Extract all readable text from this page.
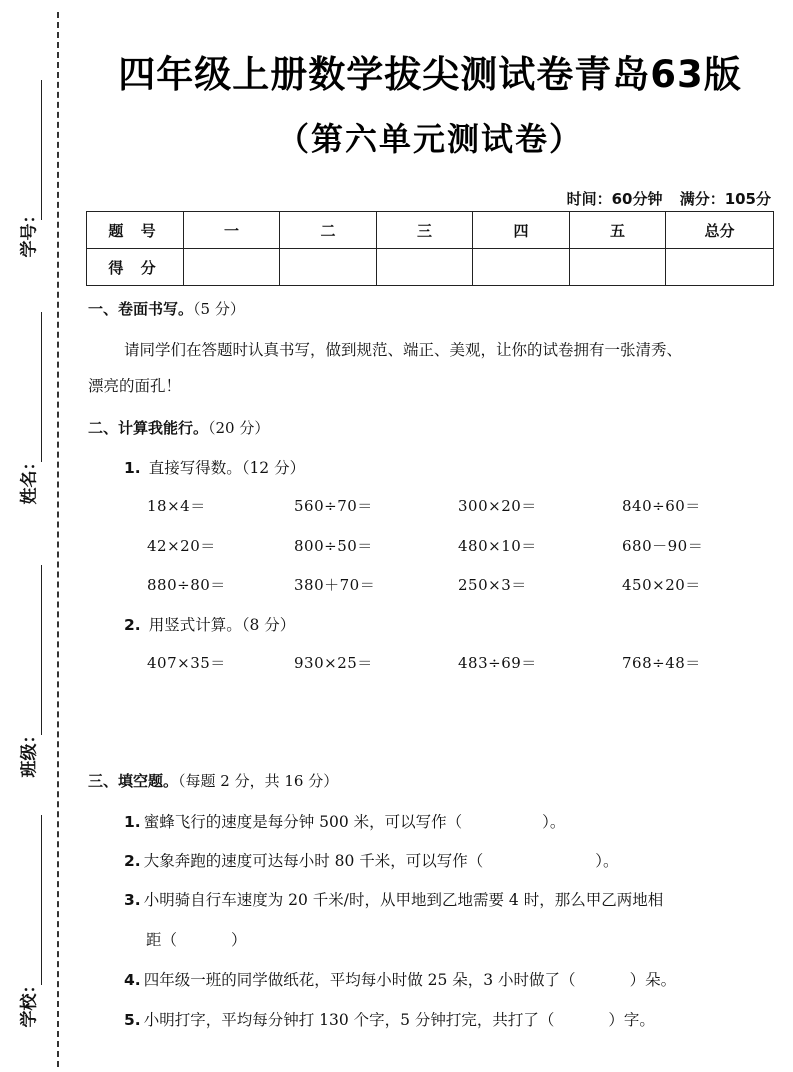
学号：
姓名：
班级：
学校：
四年级上册数学拔尖测试卷青岛63版
（第六单元测试卷）
时间：60分钟 满分：105分
题 号	一	二	三	四	五	总分
得 分						
一、卷面书写。（5 分）
请同学们在答题时认真书写，做到规范、端正、美观，让你的试卷拥有一张清秀、
漂亮的面孔！
二、计算我能行。（20 分）
1. 直接写得数。（12 分）
18×4＝	560÷70＝	300×20＝	840÷60＝
42×20＝	800÷50＝	480×10＝	680－90＝
880÷80＝	380＋70＝	250×3＝	450×20＝
2. 用竖式计算。（8 分）
407×35＝	930×25＝	483÷69＝	768÷48＝
三、填空题。（每题 2 分，共 16 分）
1. 蜜蜂飞行的速度是每分钟 500 米，可以写作（	）。
2. 大象奔跑的速度可达每小时 80 千米，可以写作（	）。
3. 小明骑自行车速度为 20 千米/时，从甲地到乙地需要 4 时，那么甲乙两地相
距（	）
4. 四年级一班的同学做纸花，平均每小时做 25 朵，3 小时做了（	）朵。
5. 小明打字，平均每分钟打 130 个字，5 分钟打完，共打了（	）字。
